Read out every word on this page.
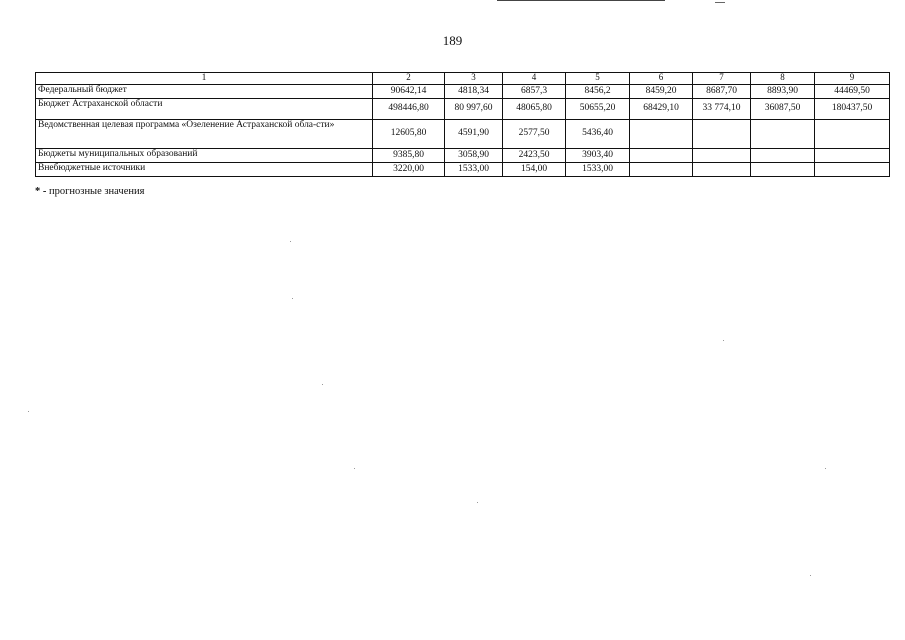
189
1	2	3	4	5	6	7	8	9
Федеральный бюджет	90642,14	4818,34	6857,3	8456,2	8459,20	8687,70	8893,90	44469,50
Бюджет Астраханской области	498446,80	80 997,60	48065,80	50655,20	68429,10	33 774,10	36087,50	180437,50
Ведомственная целевая программа «Озеленение Астраханской обла-сти»	12605,80	4591,90	2577,50	5436,40				
Бюджеты муниципальных образований	9385,80	3058,90	2423,50	3903,40				
Внебюджетные источники	3220,00	1533,00	154,00	1533,00				
* - прогнозные значения
